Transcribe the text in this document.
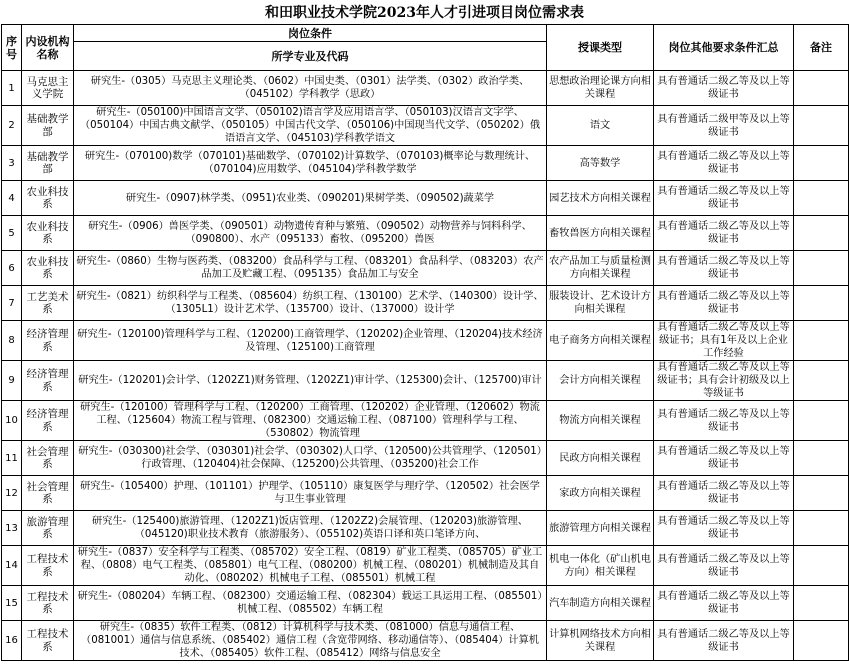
和田职业技术学院2023年人才引进项目岗位需求表
序号	内设机构名称	岗位条件	授课类型	岗位其他要求条件汇总	备注
		所学专业及代码			
1	马克思主义学院	研究生-（0305）马克思主义理论类、（0602）中国史类、（0301）法学类、（0302）政治学类、（045102）学科教学（思政）	思想政治理论课方向相关课程	具有普通话二级乙等及以上等级证书	
2	基础教学部	研究生-（050100)中国语言文学、（050102)语言学及应用语言学、（050103)汉语言文字学、（050104）中国古典文献学、（050105）中国古代文学、（050106)中国现当代文学、（050202）俄语语言文学、（045103)学科教学语文	语文	具有普通话二级甲等及以上等级证书	
3	基础教学部	研究生-（070100)数学（070101)基础数学、（070102)计算数学、（070103)概率论与数理统计、（070104)应用数学、（045104)学科教学数学	高等数学	具有普通话二级乙等及以上等级证书	
4	农业科技系	研究生-（0907)林学类、（0951)农业类、（090201)果树学类、（090502)蔬菜学	园艺技术方向相关课程	具有普通话二级乙等及以上等级证书	
5	农业科技系	研究生-（0906）兽医学类、（090501）动物遗传育种与繁殖、（090502）动物营养与饲料科学、（090800）、水产（095133）畜牧、（095200）兽医	畜牧兽医方向相关课程	具有普通话二级乙等及以上等级证书	
6	农业科技系	研究生-（0860）生物与医药类、（083200）食品科学与工程、（083201）食品科学、（083203）农产品加工及贮藏工程、（095135）食品加工与安全	农产品加工与质量检测方向相关课程	具有普通话二级乙等及以上等级证书	
7	工艺美术系	研究生-（0821）纺织科学与工程类、（085604）纺织工程、（130100）艺术学、（140300）设计学、（1305L1）设计艺术学、（135700）设计、（137000）设计学	服装设计、艺术设计方向相关课程	具有普通话二级乙等及以上等级证书	
8	经济管理系	研究生-（120100)管理科学与工程、（120200)工商管理学、（120202)企业管理、（120204)技术经济及管理、（125100)工商管理	电子商务方向相关课程	具有普通话二级乙等及以上等级证书；具有1年及以上企业工作经验	
9	经济管理系	研究生-（120201)会计学、（1202Z1)财务管理、（1202Z1)审计学、（125300)会计、（125700)审计	会计方向相关课程	具有普通话二级乙等及以上等级证书；具有会计初级及以上等级证书	
10	经济管理系	研究生-（120100）管理科学与工程、（120200）工商管理、（120202）企业管理、（120602）物流工程、（125604）物流工程与管理、（082300）交通运输工程、（087100）管理科学与工程、（530802）物流管理	物流方向相关课程	具有普通话二级乙等及以上等级证书	
11	社会管理系	研究生-（030300)社会学、（030301)社会学、（030302)人口学、（120500)公共管理学、（120501）行政管理、（120404)社会保障、（125200)公共管理、（035200)社会工作	民政方向相关课程	具有普通话二级乙等及以上等级证书	
12	社会管理系	研究生-（105400）护理、（101101）护理学、（105110）康复医学与理疗学、（120502）社会医学与卫生事业管理	家政方向相关课程	具有普通话二级乙等及以上等级证书	
13	旅游管理系	研究生-（125400)旅游管理、（1202Z1)饭店管理、（1202Z2)会展管理、（120203)旅游管理、（045120)职业技术教育（旅游服务）、（055102)英语口译和英口笔译方向、	旅游管理方向相关课程	具有普通话二级乙等及以上等级证书	
14	工程技术系	研究生-（0837）安全科学与工程类、（085702）安全工程、（0819）矿业工程类、（085705）矿业工程、（0808）电气工程类、（085801）电气工程、（080200）机械工程、（080201）机械制造及其自动化、（080202）机械电子工程、（085501）机械工程	机电一体化（矿山机电方向）相关课程	具有普通话二级乙等及以上等级证书	
15	工程技术系	研究生-（080204）车辆工程、（082300）交通运输工程、（082304）载运工具运用工程、（085501）机械工程、（085502）车辆工程	汽车制造方向相关课程	具有普通话二级乙等及以上等级证书	
16	工程技术系	研究生-（0835）软件工程类、（0812）计算机科学与技术类、（081000）信息与通信工程、（081001）通信与信息系统、（085402）通信工程（含宽带网络、移动通信等）、（085404）计算机技术、（085405）软件工程、（085412）网络与信息安全	计算机网络技术方向相关课程	具有普通话二级乙等及以上等级证书	
